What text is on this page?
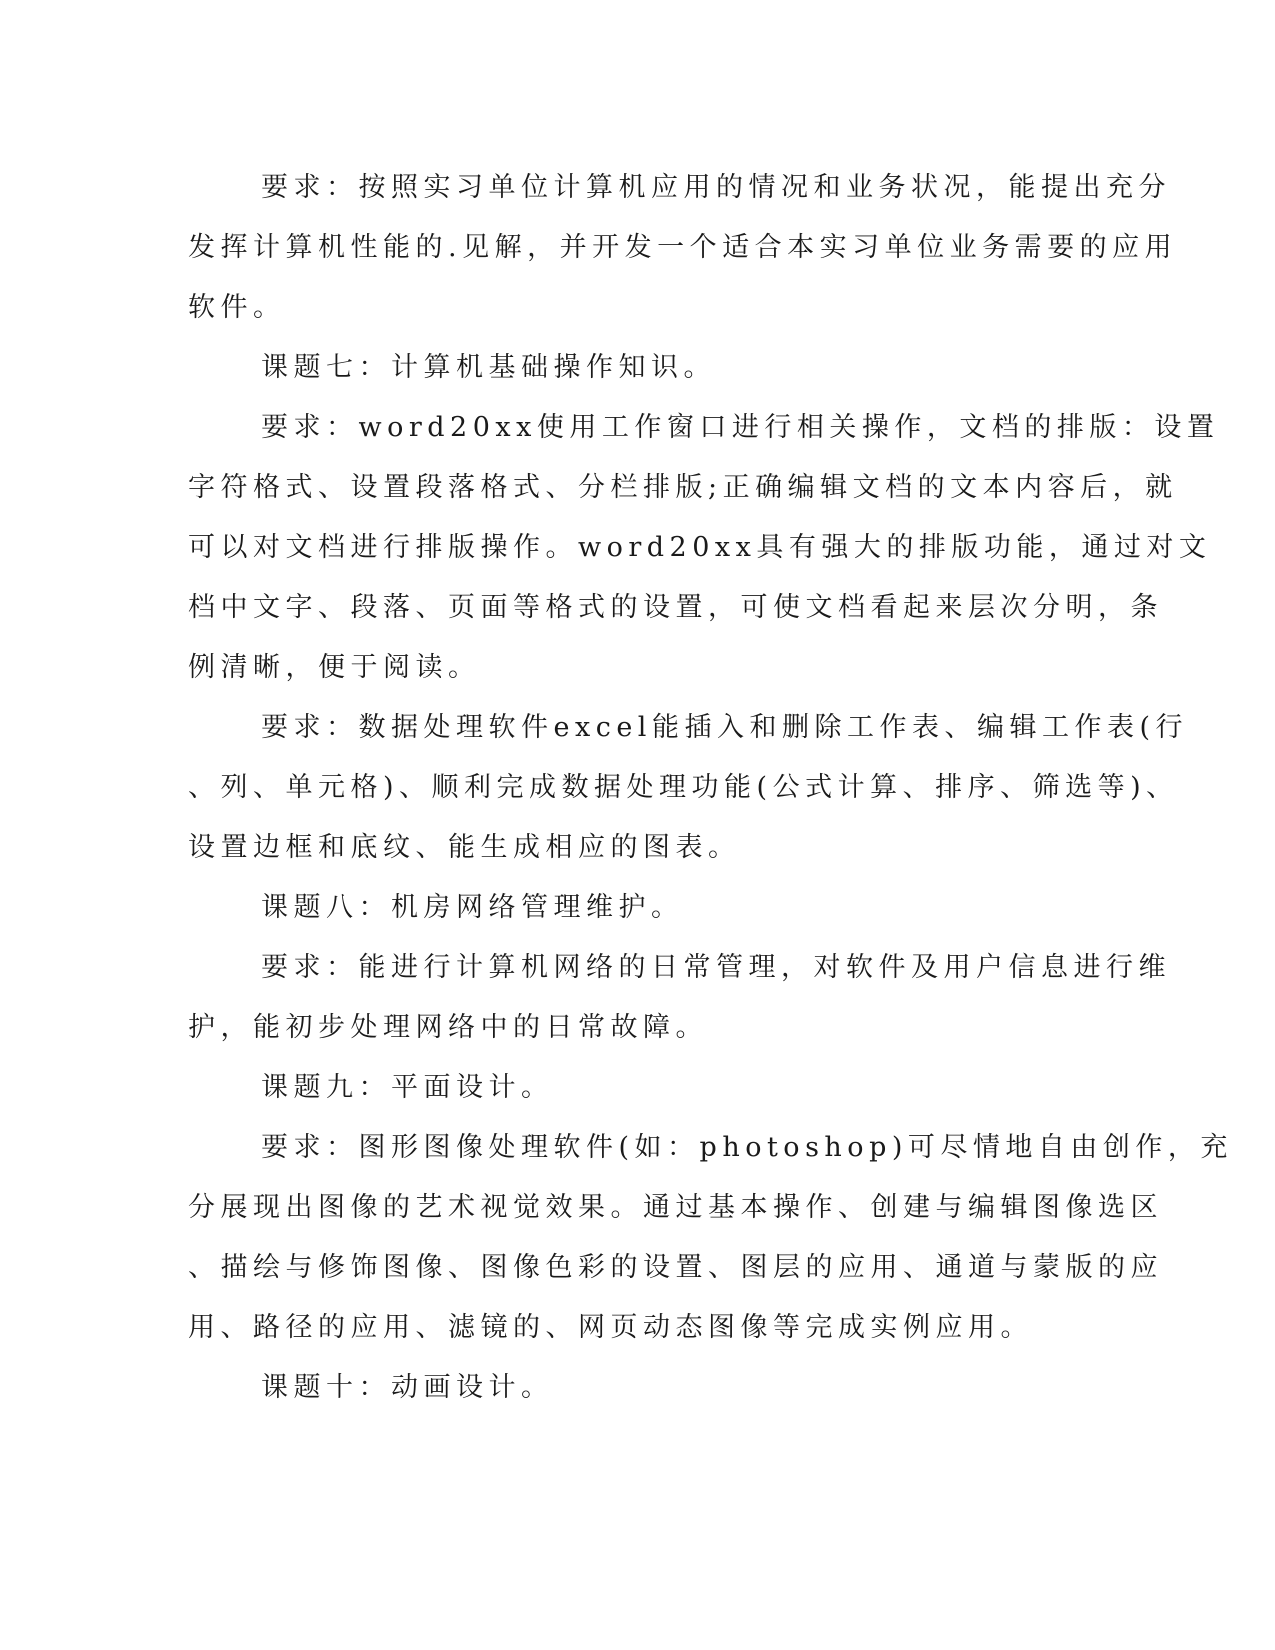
要求：按照实习单位计算机应用的情况和业务状况，能提出充分
发挥计算机性能的.见解，并开发一个适合本实习单位业务需要的应用
软件。
课题七：计算机基础操作知识。
要求：word20xx使用工作窗口进行相关操作，文档的排版：设置
字符格式、设置段落格式、分栏排版;正确编辑文档的文本内容后，就
可以对文档进行排版操作。word20xx具有强大的排版功能，通过对文
档中文字、段落、页面等格式的设置，可使文档看起来层次分明，条
例清晰，便于阅读。
要求：数据处理软件excel能插入和删除工作表、编辑工作表(行
、列、单元格)、顺利完成数据处理功能(公式计算、排序、筛选等)、
设置边框和底纹、能生成相应的图表。
课题八：机房网络管理维护。
要求：能进行计算机网络的日常管理，对软件及用户信息进行维
护，能初步处理网络中的日常故障。
课题九：平面设计。
要求：图形图像处理软件(如：photoshop)可尽情地自由创作，充
分展现出图像的艺术视觉效果。通过基本操作、创建与编辑图像选区
、描绘与修饰图像、图像色彩的设置、图层的应用、通道与蒙版的应
用、路径的应用、滤镜的、网页动态图像等完成实例应用。
课题十：动画设计。
